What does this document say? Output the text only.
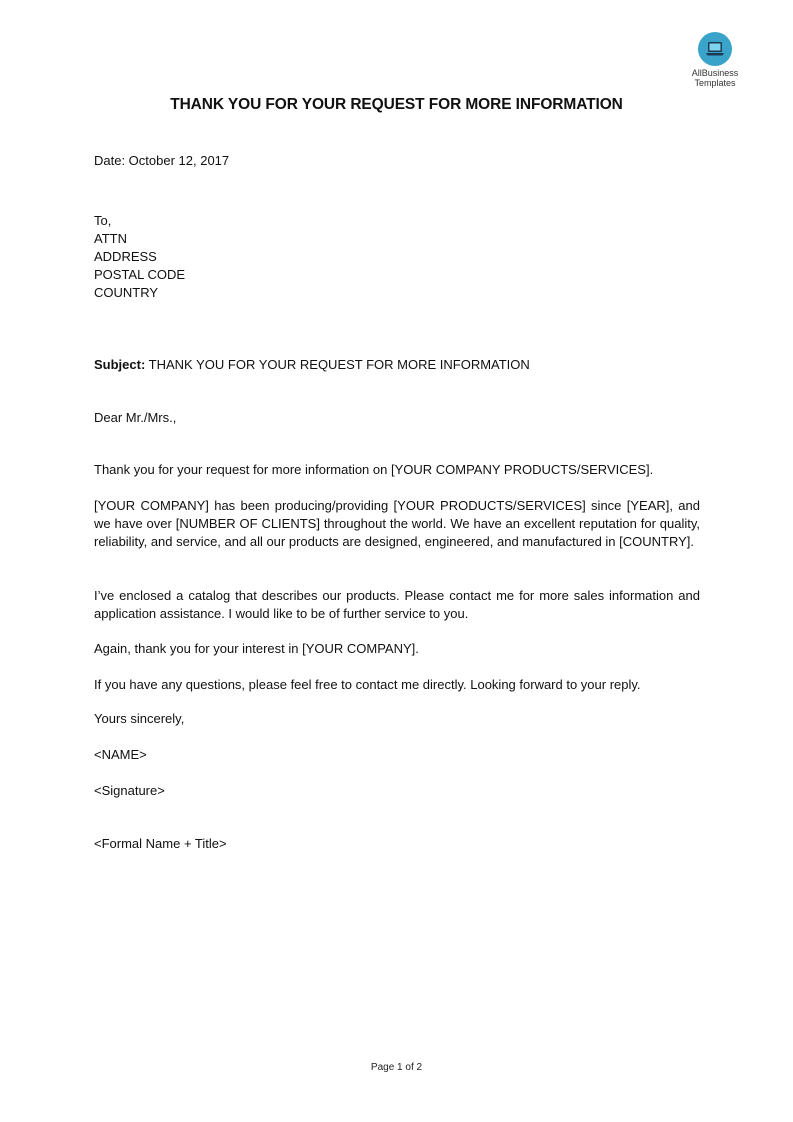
AllBusiness
Templates
THANK YOU FOR YOUR REQUEST FOR MORE INFORMATION
Date: October 12, 2017
To,
ATTN
ADDRESS
POSTAL CODE
COUNTRY
Subject: THANK YOU FOR YOUR REQUEST FOR MORE INFORMATION
Dear Mr./Mrs.,
Thank you for your request for more information on [YOUR COMPANY PRODUCTS/SERVICES].
[YOUR COMPANY] has been producing/providing [YOUR PRODUCTS/SERVICES] since [YEAR], and we have over [NUMBER OF CLIENTS] throughout the world. We have an excellent reputation for quality, reliability, and service, and all our products are designed, engineered, and manufactured in [COUNTRY].
I’ve enclosed a catalog that describes our products. Please contact me for more sales information and application assistance. I would like to be of further service to you.
Again, thank you for your interest in [YOUR COMPANY].
If you have any questions, please feel free to contact me directly. Looking forward to your reply.
Yours sincerely,
<NAME>
<Signature>
<Formal Name + Title>
Page 1 of 2
